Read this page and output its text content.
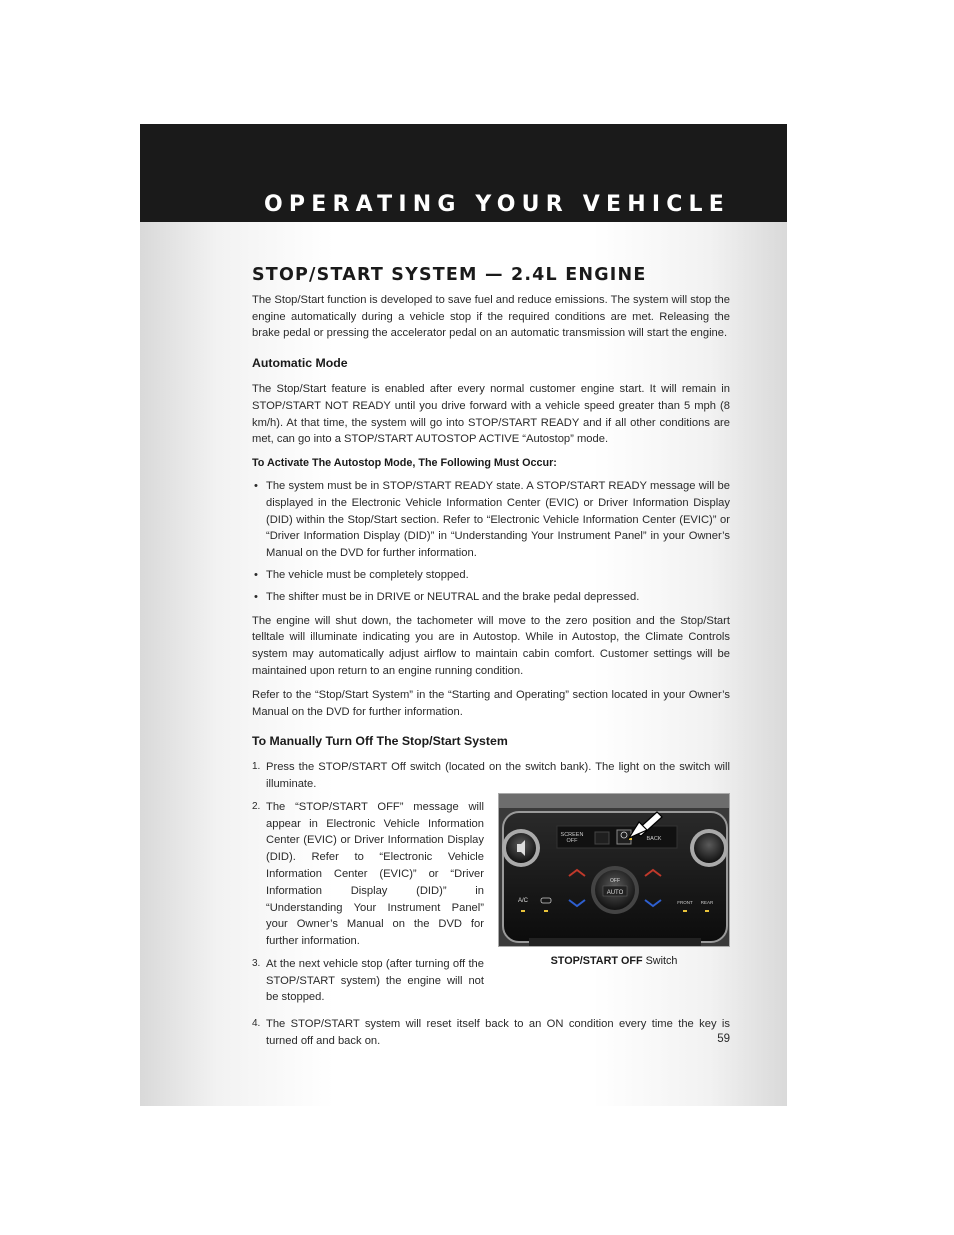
OPERATING YOUR VEHICLE
STOP/START SYSTEM — 2.4L ENGINE

The Stop/Start function is developed to save fuel and reduce emissions. The system will stop the engine automatically during a vehicle stop if the required conditions are met. Releasing the brake pedal or pressing the accelerator pedal on an automatic transmission will start the engine.

Automatic Mode

The Stop/Start feature is enabled after every normal customer engine start. It will remain in STOP/START NOT READY until you drive forward with a vehicle speed greater than 5 mph (8 km/h). At that time, the system will go into STOP/START READY and if all other conditions are met, can go into a STOP/START AUTOSTOP ACTIVE “Autostop” mode.

To Activate The Autostop Mode, The Following Must Occur:
• The system must be in STOP/START READY state. A STOP/START READY message will be displayed in the Electronic Vehicle Information Center (EVIC) or Driver Information Display (DID) within the Stop/Start section. Refer to “Electronic Vehicle Information Center (EVIC)” or “Driver Information Display (DID)” in “Understanding Your Instrument Panel” in your Owner’s Manual on the DVD for further information.
• The vehicle must be completely stopped.
• The shifter must be in DRIVE or NEUTRAL and the brake pedal depressed.

The engine will shut down, the tachometer will move to the zero position and the Stop/Start telltale will illuminate indicating you are in Autostop. While in Autostop, the Climate Controls system may automatically adjust airflow to maintain cabin comfort. Customer settings will be maintained upon return to an engine running condition.

Refer to the “Stop/Start System” in the “Starting and Operating” section located in your Owner’s Manual on the DVD for further information.

To Manually Turn Off The Stop/Start System
1. Press the STOP/START Off switch (located on the switch bank). The light on the switch will illuminate.
2. The “STOP/START OFF” message will appear in Electronic Vehicle Information Center (EVIC) or Driver Information Display (DID). Refer to “Electronic Vehicle Information Center (EVIC)” or “Driver Information Display (DID)” in “Understanding Your Instrument Panel” your Owner’s Manual on the DVD for further information.
3. At the next vehicle stop (after turning off the STOP/START system) the engine will not be stopped.
SCREEN
OFF	BACK
AUTO
OFF
A/C	FRONT REAR
STOP/START OFF Switch
4. The STOP/START system will reset itself back to an ON condition every time the key is turned off and back on.	59
